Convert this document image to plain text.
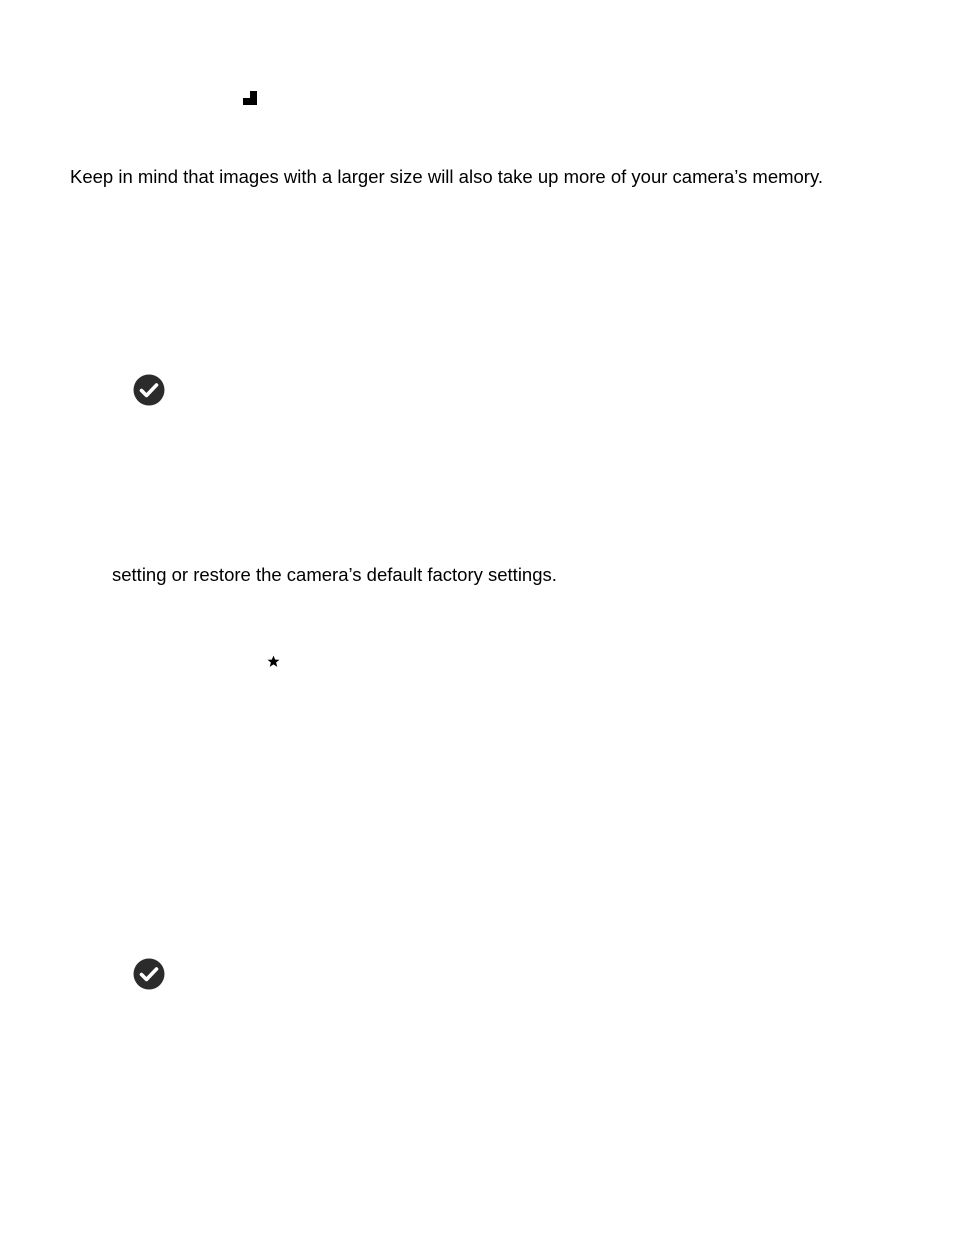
Keep in mind that images with a larger size will also take up more of your camera’s memory.

setting or restore the camera’s default factory settings.
